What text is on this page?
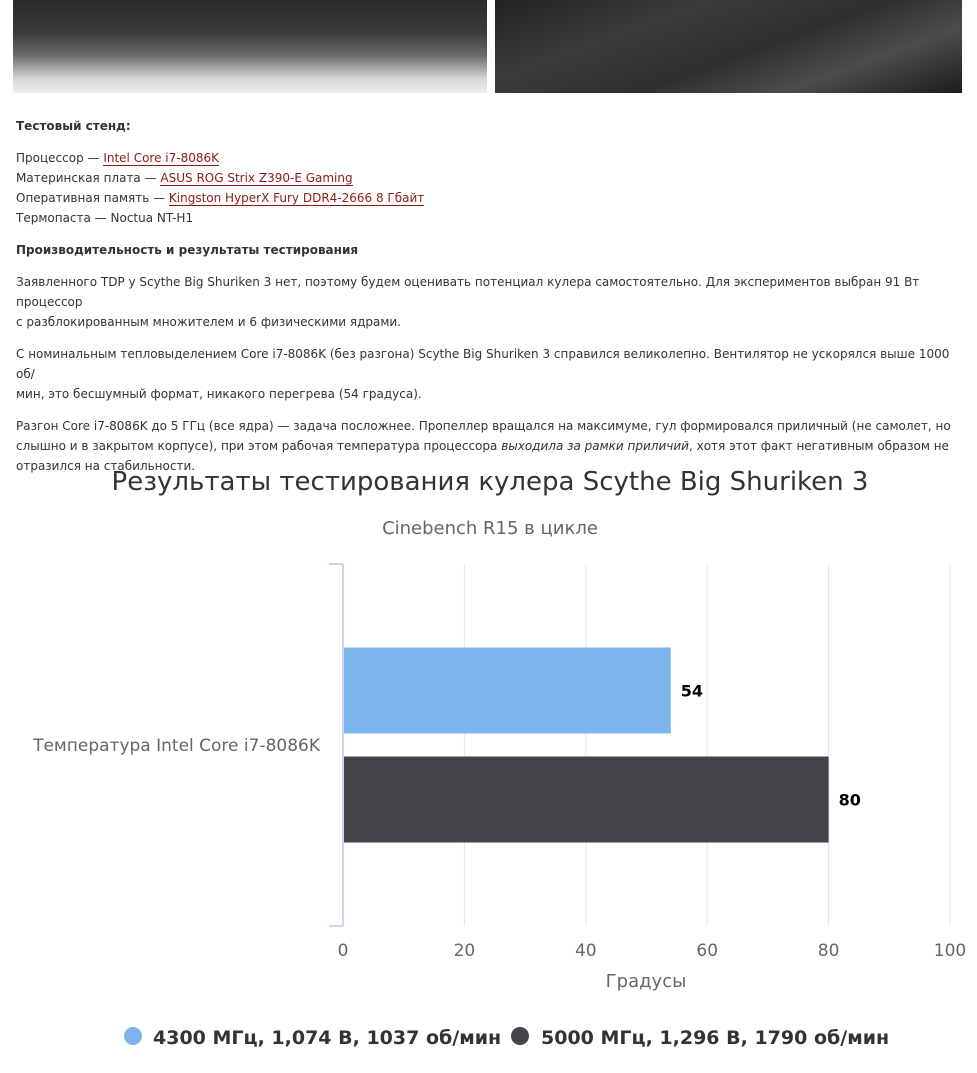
Тестовый стенд:

Процессор — Intel Core i7-8086K
Материнская плата — ASUS ROG Strix Z390-E Gaming
Оперативная память — Kingston HyperX Fury DDR4-2666 8 Гбайт
Термопаста — Noctua NT-H1

Производительность и результаты тестирования

Заявленного TDP у Scythe Big Shuriken 3 нет, поэтому будем оценивать потенциал кулера самостоятельно. Для экспериментов выбран 91 Вт процессор
с разблокированным множителем и 6 физическими ядрами.

С номинальным тепловыделением Core i7-8086K (без разгона) Scythe Big Shuriken 3 справился великолепно. Вентилятор не ускорялся выше 1000 об/
мин, это бесшумный формат, никакого перегрева (54 градуса).

Разгон Core i7-8086K до 5 ГГц (все ядра) — задача посложнее. Пропеллер вращался на максимуме, гул формировался приличный (не самолет, но
слышно и в закрытом корпусе), при этом рабочая температура процессора выходила за рамки приличий, хотя этот факт негативным образом не
отразился на стабильности.

Результаты тестирования кулера Scythe Big Shuriken 3
Cinebench R15 в цикле
0	20	40	60	80	100
54
80
Температура Intel Core i7-8086K
Градусы
4300 МГц, 1,074 В, 1037 об/мин 5000 МГц, 1,296 В, 1790 об/мин
